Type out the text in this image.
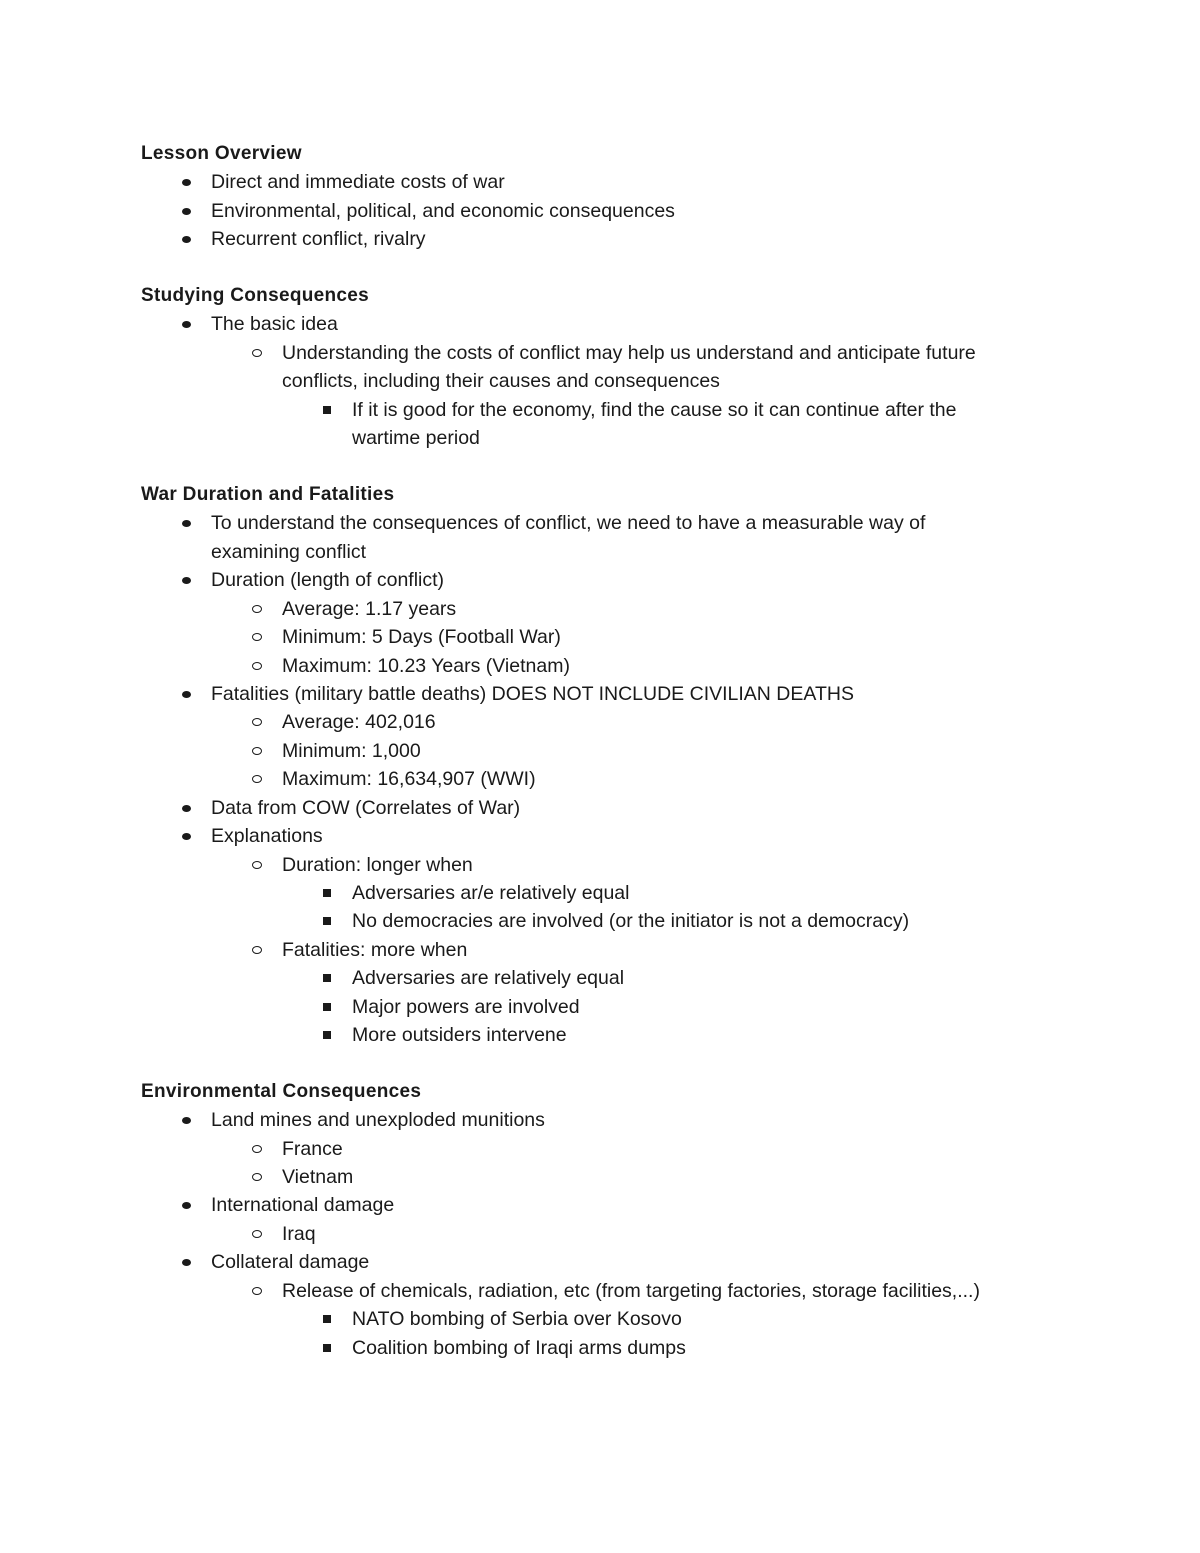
Lesson Overview
Direct and immediate costs of war
Environmental, political, and economic consequences
Recurrent conflict, rivalry
Studying Consequences
The basic idea
Understanding the costs of conflict may help us understand and anticipate future
conflicts, including their causes and consequences
If it is good for the economy, find the cause so it can continue after the
wartime period
War Duration and Fatalities
To understand the consequences of conflict, we need to have a measurable way of
examining conflict
Duration (length of conflict)
Average: 1.17 years
Minimum: 5 Days (Football War)
Maximum: 10.23 Years (Vietnam)
Fatalities (military battle deaths) DOES NOT INCLUDE CIVILIAN DEATHS
Average: 402,016
Minimum: 1,000
Maximum: 16,634,907 (WWI)
Data from COW (Correlates of War)
Explanations
Duration: longer when
Adversaries ar/e relatively equal
No democracies are involved (or the initiator is not a democracy)
Fatalities: more when
Adversaries are relatively equal
Major powers are involved
More outsiders intervene
Environmental Consequences
Land mines and unexploded munitions
France
Vietnam
International damage
Iraq
Collateral damage
Release of chemicals, radiation, etc (from targeting factories, storage facilities,...)
NATO bombing of Serbia over Kosovo
Coalition bombing of Iraqi arms dumps
